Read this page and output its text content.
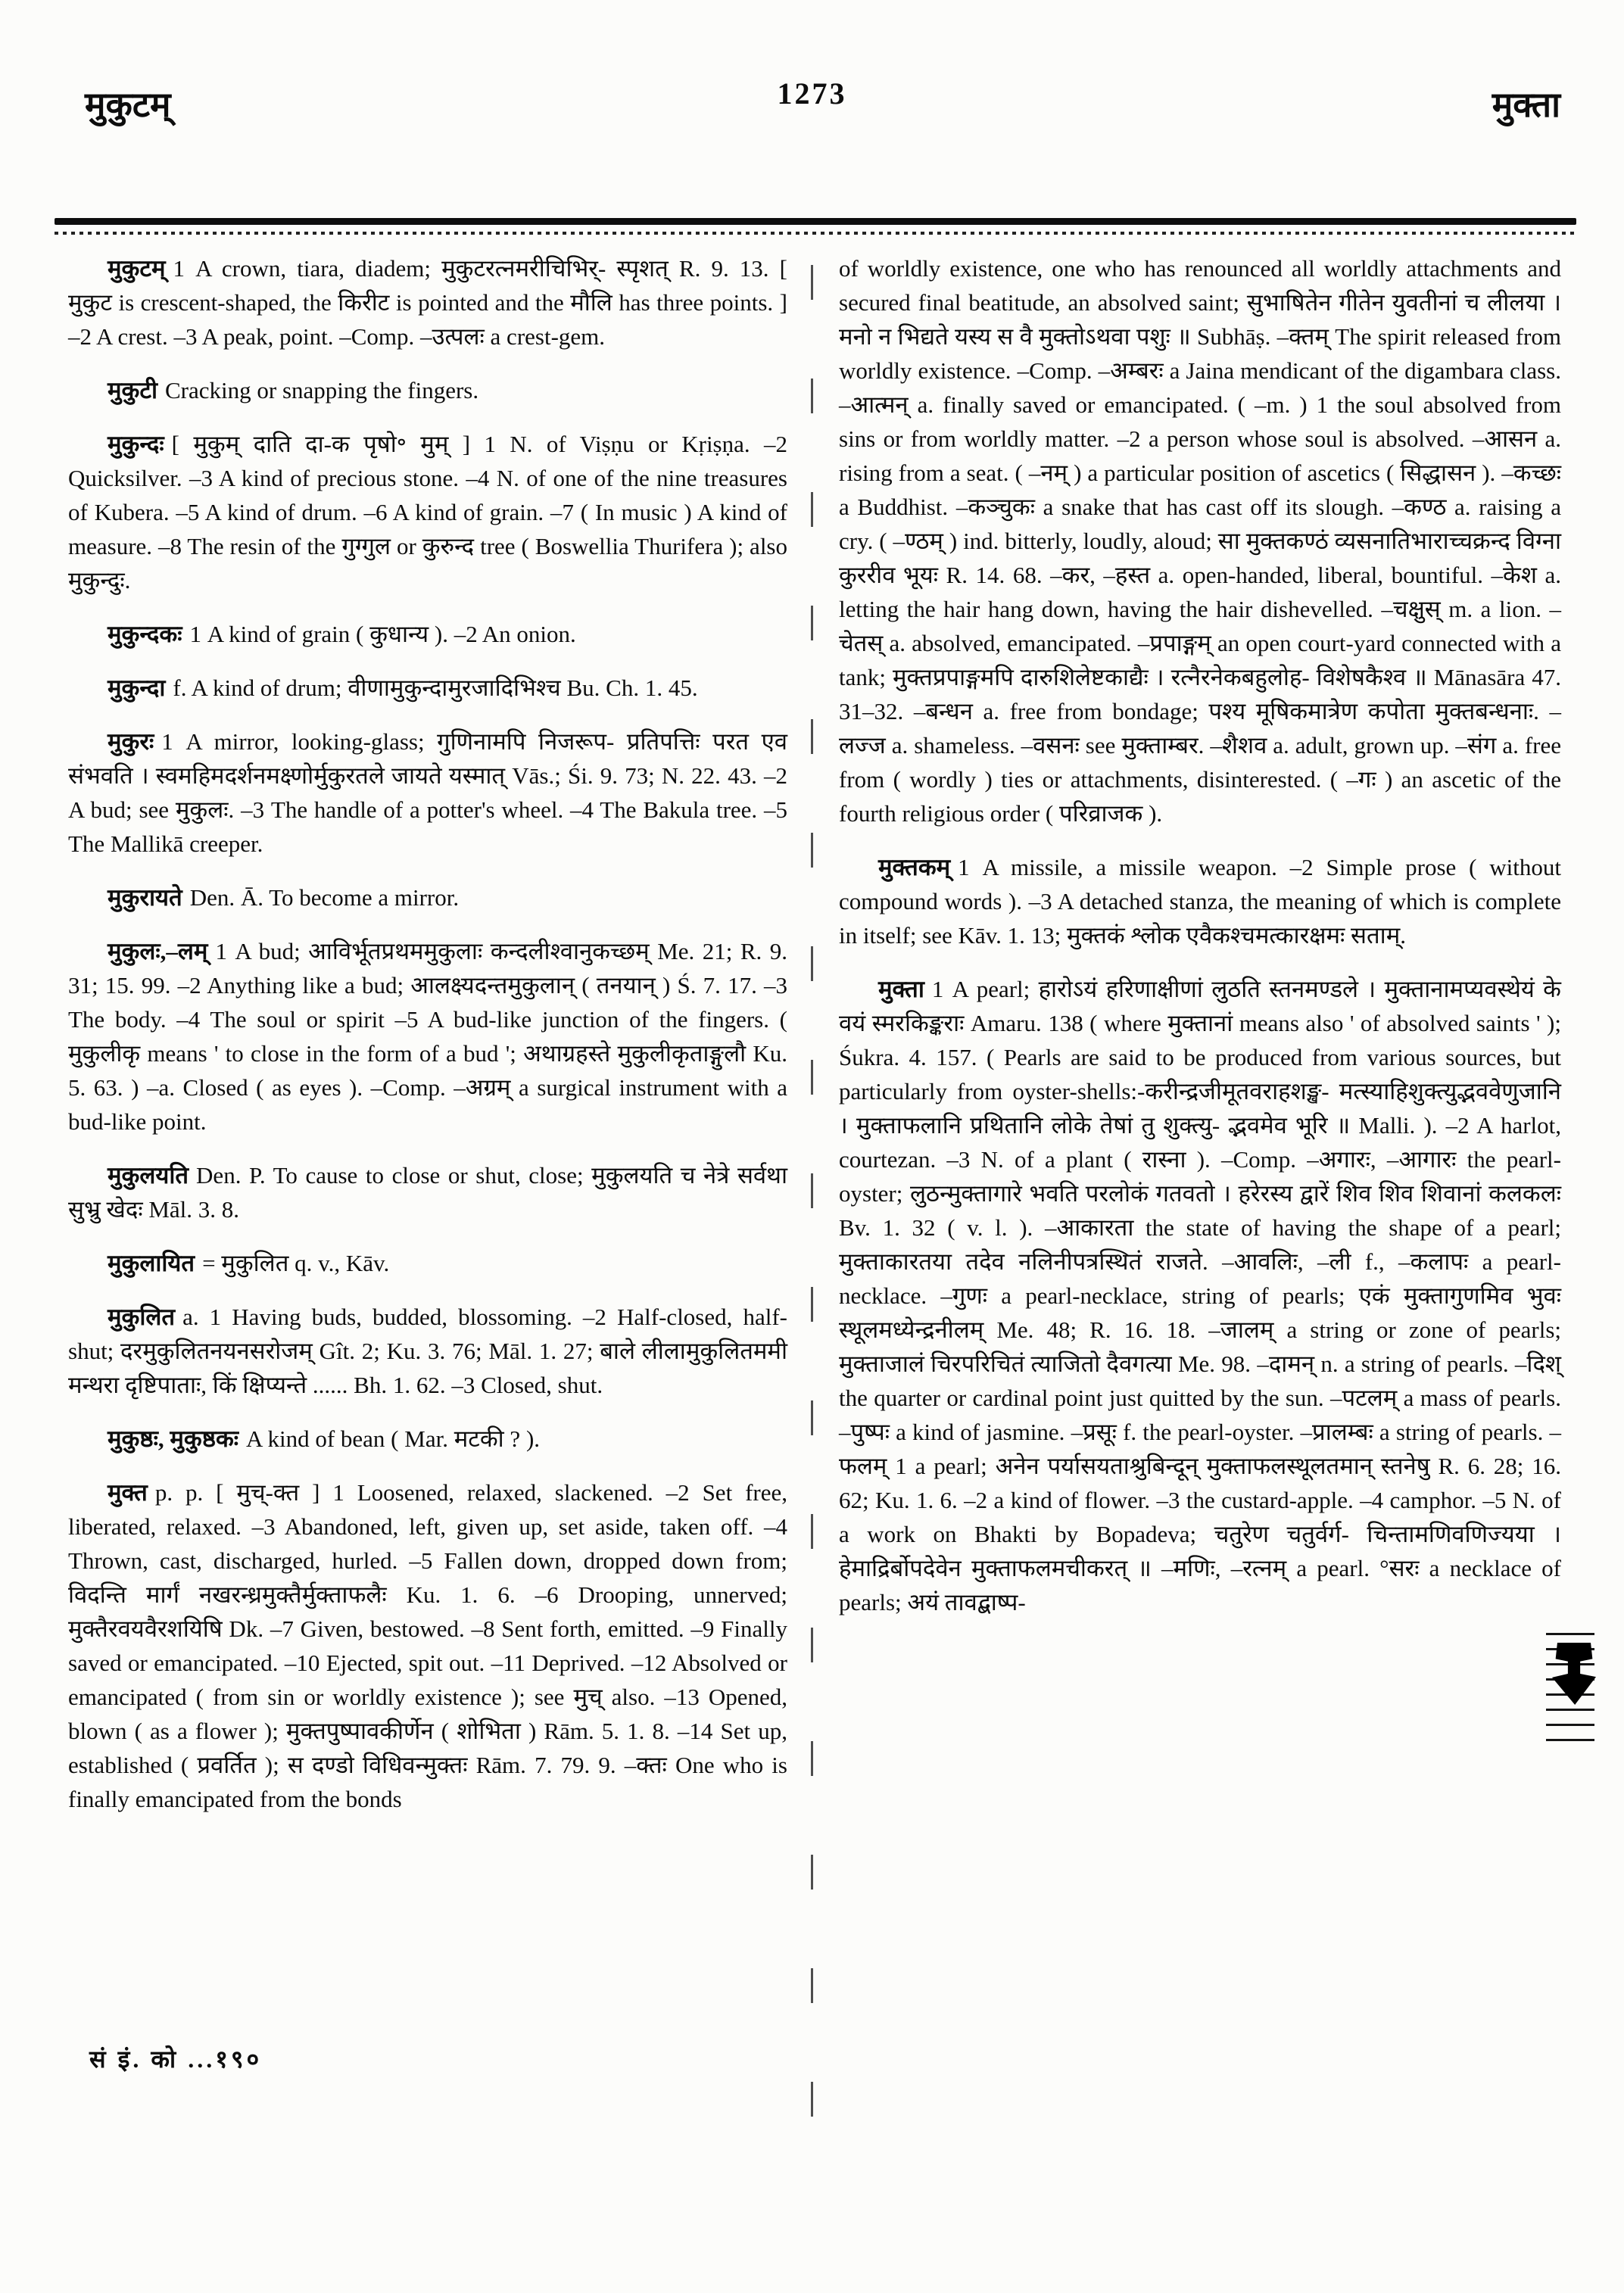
मुकुटम्	1273	मुक्ता

मुकुटम् 1 A crown, tiara, diadem; मुकुटरत्नमरीचिभिर्- स्पृशत् R. 9. 13. [ मुकुट is crescent-shaped, the किरीट is pointed and the मौलि has three points. ] –2 A crest. –3 A peak, point. –Comp. –उत्पलः a crest-gem.

मुकुटी Cracking or snapping the fingers.

मुकुन्दः [ मुकुम् दाति दा-क पृषो॰ मुम् ] 1 N. of Viṣṇu or Kṛiṣṇa. –2 Quicksilver. –3 A kind of precious stone. –4 N. of one of the nine treasures of Kubera. –5 A kind of drum. –6 A kind of grain. –7 ( In music ) A kind of measure. –8 The resin of the गुग्गुल or कुरुन्द tree ( Boswellia Thurifera ); also मुकुन्दुः.

मुकुन्दकः 1 A kind of grain ( कुधान्य ). –2 An onion.

मुकुन्दा f. A kind of drum; वीणामुकुन्दामुरजादिभिश्च Bu. Ch. 1. 45.

मुकुरः 1 A mirror, looking-glass; गुणिनामपि निजरूप- प्रतिपत्तिः परत एव संभवति । स्वमहिमदर्शनमक्ष्णोर्मुकुरतले जायते यस्मात् Vās.; Śi. 9. 73; N. 22. 43. –2 A bud; see मुकुलः. –3 The handle of a potter's wheel. –4 The Bakula tree. –5 The Mallikā creeper.

मुकुरायते Den. Ā. To become a mirror.

मुकुलः,–लम् 1 A bud; आविर्भूतप्रथममुकुलाः कन्दलीश्वानुकच्छम् Me. 21; R. 9. 31; 15. 99. –2 Anything like a bud; आलक्ष्यदन्तमुकुलान् ( तनयान् ) Ś. 7. 17. –3 The body. –4 The soul or spirit –5 A bud-like junction of the fingers. ( मुकुलीकृ means ' to close in the form of a bud '; अथाग्रहस्ते मुकुलीकृताङ्गुलौ Ku. 5. 63. ) –a. Closed ( as eyes ). –Comp. –अग्रम् a surgical instrument with a bud-like point.

मुकुलयति Den. P. To cause to close or shut, close; मुकुलयति च नेत्रे सर्वथा सुभ्रु खेदः Māl. 3. 8.

मुकुलायित = मुकुलित q. v., Kāv.

मुकुलित a. 1 Having buds, budded, blossoming. –2 Half-closed, half-shut; दरमुकुलितनयनसरोजम् Gît. 2; Ku. 3. 76; Māl. 1. 27; बाले लीलामुकुलितममी मन्थरा दृष्टिपाताः, किं क्षिप्यन्ते ...... Bh. 1. 62. –3 Closed, shut.

मुकुष्ठः, मुकुष्ठकः A kind of bean ( Mar. मटकी ? ).

मुक्त p. p. [ मुच्-क्त ] 1 Loosened, relaxed, slackened. –2 Set free, liberated, relaxed. –3 Abandoned, left, given up, set aside, taken off. –4 Thrown, cast, discharged, hurled. –5 Fallen down, dropped down from; विदन्ति मार्गं नखरन्ध्रमुक्तैर्मुक्ताफलैः Ku. 1. 6. –6 Drooping, unnerved; मुक्तैरवयवैरशयिषि Dk. –7 Given, bestowed. –8 Sent forth, emitted. –9 Finally saved or emancipated. –10 Ejected, spit out. –11 Deprived. –12 Absolved or emancipated ( from sin or worldly existence ); see मुच् also. –13 Opened, blown ( as a flower ); मुक्तपुष्पावकीर्णेन ( शोभिता ) Rām. 5. 1. 8. –14 Set up, established ( प्रवर्तित ); स दण्डो विधिवन्मुक्तः Rām. 7. 79. 9. –क्तः One who is finally emancipated from the bonds

of worldly existence, one who has renounced all worldly attachments and secured final beatitude, an absolved saint; सुभाषितेन गीतेन युवतीनां च लीलया । मनो न भिद्यते यस्य स वै मुक्तोऽथवा पशुः ॥ Subhāṣ. –क्तम् The spirit released from worldly existence. –Comp. –अम्बरः a Jaina mendicant of the digambara class. –आत्मन् a. finally saved or emancipated. ( –m. ) 1 the soul absolved from sins or from worldly matter. –2 a person whose soul is absolved. –आसन a. rising from a seat. ( –नम् ) a particular position of ascetics ( सिद्धासन ). –कच्छः a Buddhist. –कञ्चुकः a snake that has cast off its slough. –कण्ठ a. raising a cry. ( –ण्ठम् ) ind. bitterly, loudly, aloud; सा मुक्तकण्ठं व्यसनातिभाराच्चक्रन्द विग्ना कुररीव भूयः R. 14. 68. –कर, –हस्त a. open-handed, liberal, bountiful. –केश a. letting the hair hang down, having the hair dishevelled. –चक्षुस् m. a lion. –चेतस् a. absolved, emancipated. –प्रपाङ्गम् an open court-yard connected with a tank; मुक्तप्रपाङ्गमपि दारुशिलेष्टकाद्यैः । रत्नैरनेकबहुलोह- विशेषकैश्व ॥ Mānasāra 47. 31–32. –बन्धन a. free from bondage; पश्य मूषिकमात्रेण कपोता मुक्तबन्धनाः. –लज्ज a. shameless. –वसनः see मुक्ताम्बर. –शैशव a. adult, grown up. –संग a. free from ( wordly ) ties or attachments, disinterested. ( –गः ) an ascetic of the fourth religious order ( परिव्राजक ).

मुक्तकम् 1 A missile, a missile weapon. –2 Simple prose ( without compound words ). –3 A detached stanza, the meaning of which is complete in itself; see Kāv. 1. 13; मुक्तकं श्लोक एवैकश्चमत्कारक्षमः सताम्.

मुक्ता 1 A pearl; हारोऽयं हरिणाक्षीणां लुठति स्तनमण्डले । मुक्तानामप्यवस्थेयं के वयं स्मरकिङ्कराः Amaru. 138 ( where मुक्तानां means also ' of absolved saints ' ); Śukra. 4. 157. ( Pearls are said to be produced from various sources, but particularly from oyster-shells:-करीन्द्रजीमूतवराहशङ्ख- मत्स्याहिशुक्त्युद्भववेणुजानि । मुक्ताफलानि प्रथितानि लोके तेषां तु शुक्त्यु- द्भवमेव भूरि ॥ Malli. ). –2 A harlot, courtezan. –3 N. of a plant ( रास्ना ). –Comp. –अगारः, –आगारः the pearl-oyster; लुठन्मुक्तागारे भवति परलोकं गतवतो । हरेरस्य द्वारें शिव शिव शिवानां कलकलः Bv. 1. 32 ( v. l. ). –आकारता the state of having the shape of a pearl; मुक्ताकारतया तदेव नलिनीपत्रस्थितं राजते. –आवलिः, –ली f., –कलापः a pearl-necklace. –गुणः a pearl-necklace, string of pearls; एकं मुक्तागुणमिव भुवः स्थूलमध्येन्द्रनीलम् Me. 48; R. 16. 18. –जालम् a string or zone of pearls; मुक्ताजालं चिरपरिचितं त्याजितो दैवगत्या Me. 98. –दामन् n. a string of pearls. –दिश् the quarter or cardinal point just quitted by the sun. –पटलम् a mass of pearls. –पुष्पः a kind of jasmine. –प्रसूः f. the pearl-oyster. –प्रालम्बः a string of pearls. –फलम् 1 a pearl; अनेन पर्यासयताश्रुबिन्दून् मुक्ताफलस्थूलतमान् स्तनेषु R. 6. 28; 16. 62; Ku. 1. 6. –2 a kind of flower. –3 the custard-apple. –4 camphor. –5 N. of a work on Bhakti by Bopadeva; चतुरेण चतुर्वर्ग- चिन्तामणिवणिज्यया । हेमाद्रिर्बोपदेवेन मुक्ताफलमचीकरत् ॥ –मणिः, –रत्नम् a pearl. °सरः a necklace of pearls; अयं तावद्बाष्प-

सं इं. को ...१९०
